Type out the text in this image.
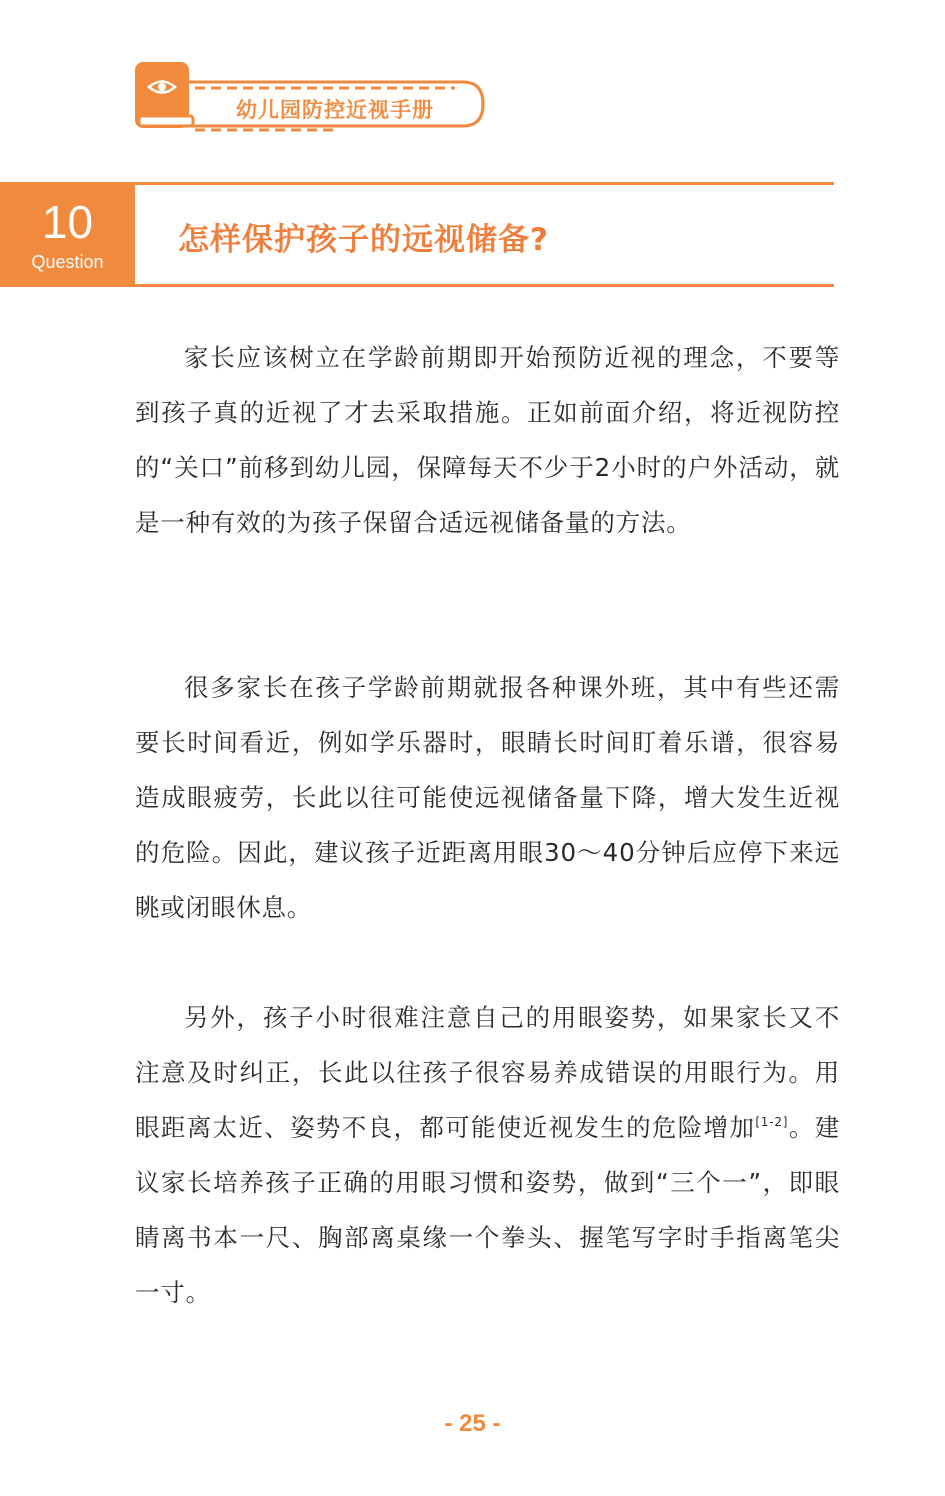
幼儿园防控近视手册
10
Question
怎样保护孩子的远视储备?
家长应该树立在学龄前期即开始预防近视的理念，不要等到孩子真的近视了才去采取措施。正如前面介绍，将近视防控的“关口”前移到幼儿园，保障每天不少于2小时的户外活动，就是一种有效的为孩子保留合适远视储备量的方法。
很多家长在孩子学龄前期就报各种课外班，其中有些还需要长时间看近，例如学乐器时，眼睛长时间盯着乐谱，很容易造成眼疲劳，长此以往可能使远视储备量下降，增大发生近视的危险。因此，建议孩子近距离用眼30～40分钟后应停下来远眺或闭眼休息。
另外，孩子小时很难注意自己的用眼姿势，如果家长又不注意及时纠正，长此以往孩子很容易养成错误的用眼行为。用眼距离太近、姿势不良，都可能使近视发生的危险增加[1-2]。建议家长培养孩子正确的用眼习惯和姿势，做到“三个一”，即眼睛离书本一尺、胸部离桌缘一个拳头、握笔写字时手指离笔尖一寸。
- 25 -
